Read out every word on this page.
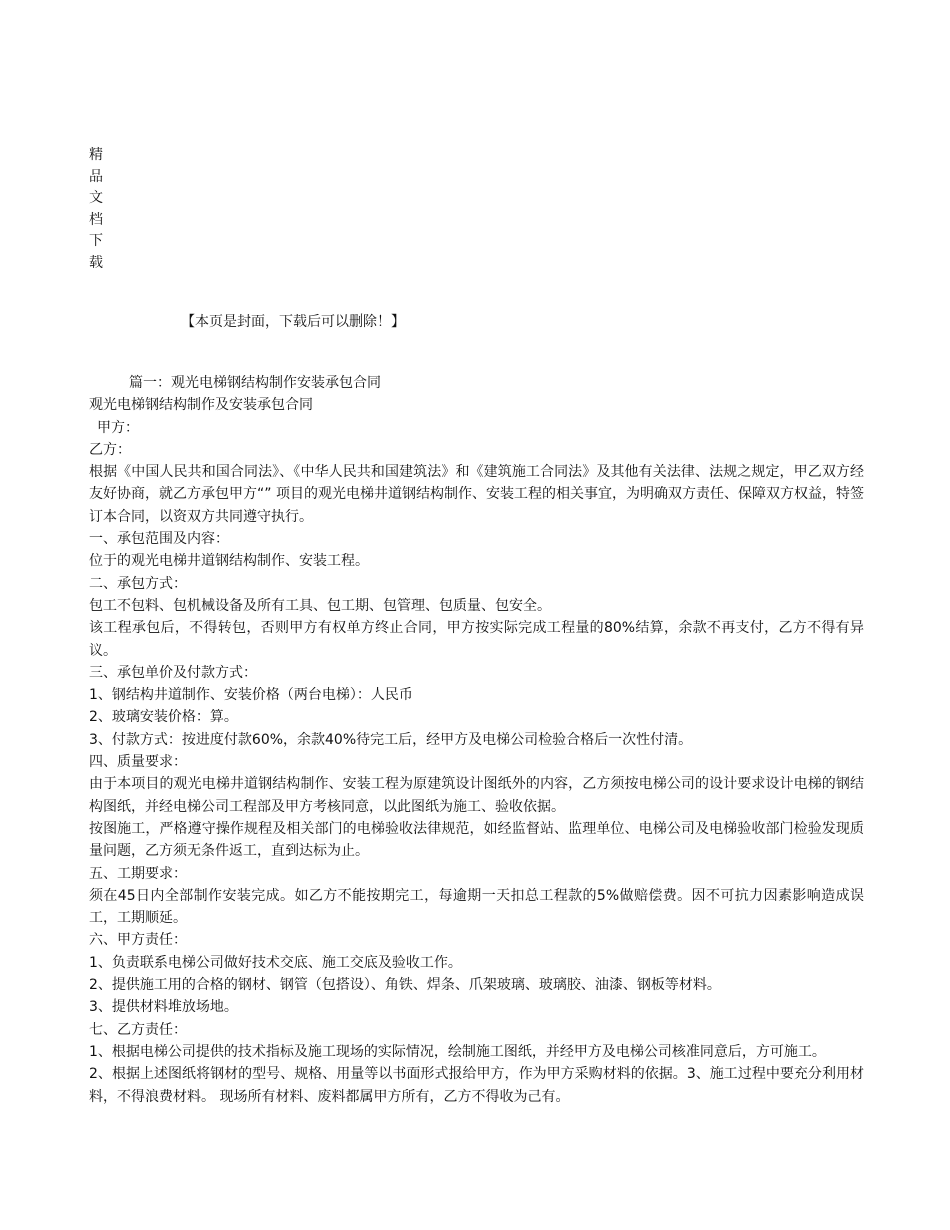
精
品
文
档
下
载
【本页是封面，下载后可以删除！】

篇一：观光电梯钢结构制作安装承包合同

观光电梯钢结构制作及安装承包合同

甲方：

乙方：

根据《中国人民共和国合同法》、《中华人民共和国建筑法》和《建筑施工合同法》及其他有关法律、法规之规定，甲乙双方经友好协商，就乙方承包甲方“” 项目的观光电梯井道钢结构制作、安装工程的相关事宜，为明确双方责任、保障双方权益，特签订本合同，以资双方共同遵守执行。

一、承包范围及内容：

位于的观光电梯井道钢结构制作、安装工程。

二、承包方式：

包工不包料、包机械设备及所有工具、包工期、包管理、包质量、包安全。

该工程承包后，不得转包，否则甲方有权单方终止合同，甲方按实际完成工程量的80%结算，余款不再支付，乙方不得有异议。

三、承包单价及付款方式：

1、钢结构井道制作、安装价格（两台电梯）：人民币

2、玻璃安装价格：算。

3、付款方式：按进度付款60%，余款40%待完工后，经甲方及电梯公司检验合格后一次性付清。

四、质量要求：

由于本项目的观光电梯井道钢结构制作、安装工程为原建筑设计图纸外的内容，乙方须按电梯公司的设计要求设计电梯的钢结构图纸，并经电梯公司工程部及甲方考核同意，以此图纸为施工、验收依据。

按图施工，严格遵守操作规程及相关部门的电梯验收法律规范，如经监督站、监理单位、电梯公司及电梯验收部门检验发现质量问题，乙方须无条件返工，直到达标为止。

五、工期要求：

须在45日内全部制作安装完成。如乙方不能按期完工，每逾期一天扣总工程款的5%做赔偿费。因不可抗力因素影响造成误工，工期顺延。

六、甲方责任：

1、负责联系电梯公司做好技术交底、施工交底及验收工作。

2、提供施工用的合格的钢材、钢管（包搭设）、角铁、焊条、爪架玻璃、玻璃胶、油漆、钢板等材料。

3、提供材料堆放场地。

七、乙方责任：

1、根据电梯公司提供的技术指标及施工现场的实际情况，绘制施工图纸，并经甲方及电梯公司核准同意后，方可施工。

2、根据上述图纸将钢材的型号、规格、用量等以书面形式报给甲方，作为甲方采购材料的依据。3、施工过程中要充分利用材料，不得浪费材料。 现场所有材料、废料都属甲方所有，乙方不得收为己有。
